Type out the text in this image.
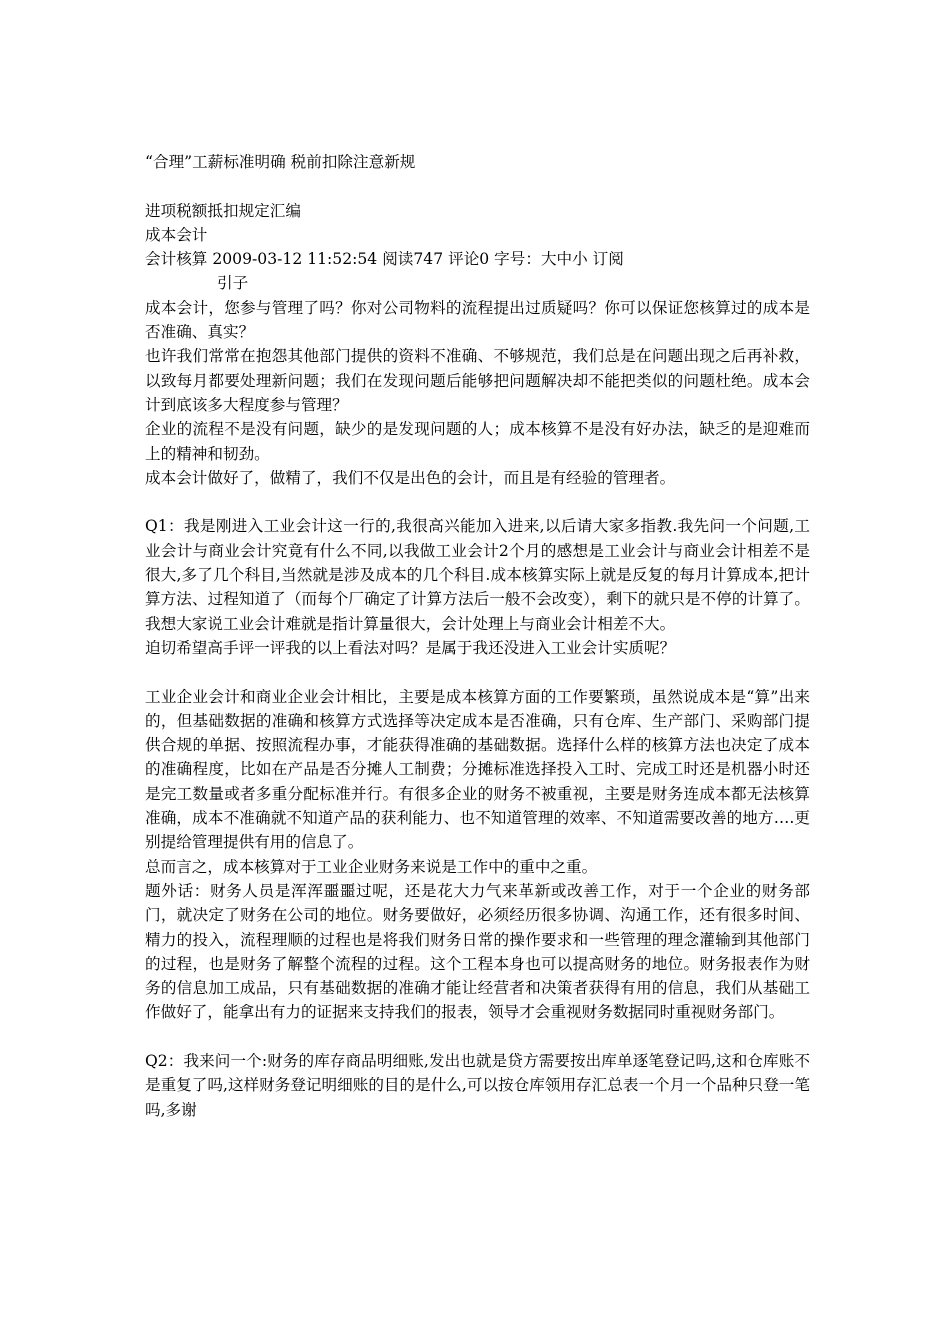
“合理”工薪标准明确 税前扣除注意新规
进项税额抵扣规定汇编
成本会计
会计核算 2009-03-12 11:52:54 阅读747 评论0 字号：大中小 订阅
引子
成本会计，您参与管理了吗？你对公司物料的流程提出过质疑吗？你可以保证您核算过的成本是否准确、真实？
也许我们常常在抱怨其他部门提供的资料不准确、不够规范，我们总是在问题出现之后再补救，以致每月都要处理新问题；我们在发现问题后能够把问题解决却不能把类似的问题杜绝。成本会计到底该多大程度参与管理？
企业的流程不是没有问题，缺少的是发现问题的人；成本核算不是没有好办法，缺乏的是迎难而上的精神和韧劲。
成本会计做好了，做精了，我们不仅是出色的会计，而且是有经验的管理者。
Q1：我是刚进入工业会计这一行的,我很高兴能加入进来,以后请大家多指教.我先问一个问题,工业会计与商业会计究竟有什么不同,以我做工业会计2个月的感想是工业会计与商业会计相差不是很大,多了几个科目,当然就是涉及成本的几个科目.成本核算实际上就是反复的每月计算成本,把计算方法、过程知道了（而每个厂确定了计算方法后一般不会改变），剩下的就只是不停的计算了。我想大家说工业会计难就是指计算量很大，会计处理上与商业会计相差不大。
迫切希望高手评一评我的以上看法对吗？是属于我还没进入工业会计实质呢？
工业企业会计和商业企业会计相比，主要是成本核算方面的工作要繁琐，虽然说成本是“算”出来的，但基础数据的准确和核算方式选择等决定成本是否准确，只有仓库、生产部门、采购部门提供合规的单据、按照流程办事，才能获得准确的基础数据。选择什么样的核算方法也决定了成本的准确程度，比如在产品是否分摊人工制费；分摊标准选择投入工时、完成工时还是机器小时还是完工数量或者多重分配标准并行。有很多企业的财务不被重视，主要是财务连成本都无法核算准确，成本不准确就不知道产品的获利能力、也不知道管理的效率、不知道需要改善的地方….更别提给管理提供有用的信息了。
总而言之，成本核算对于工业企业财务来说是工作中的重中之重。
题外话：财务人员是浑浑噩噩过呢，还是花大力气来革新或改善工作，对于一个企业的财务部门，就决定了财务在公司的地位。财务要做好，必须经历很多协调、沟通工作，还有很多时间、精力的投入，流程理顺的过程也是将我们财务日常的操作要求和一些管理的理念灌输到其他部门的过程，也是财务了解整个流程的过程。这个工程本身也可以提高财务的地位。财务报表作为财务的信息加工成品，只有基础数据的准确才能让经营者和决策者获得有用的信息，我们从基础工作做好了，能拿出有力的证据来支持我们的报表，领导才会重视财务数据同时重视财务部门。
Q2：我来问一个:财务的库存商品明细账,发出也就是贷方需要按出库单逐笔登记吗,这和仓库账不是重复了吗,这样财务登记明细账的目的是什么,可以按仓库领用存汇总表一个月一个品种只登一笔吗,多谢
